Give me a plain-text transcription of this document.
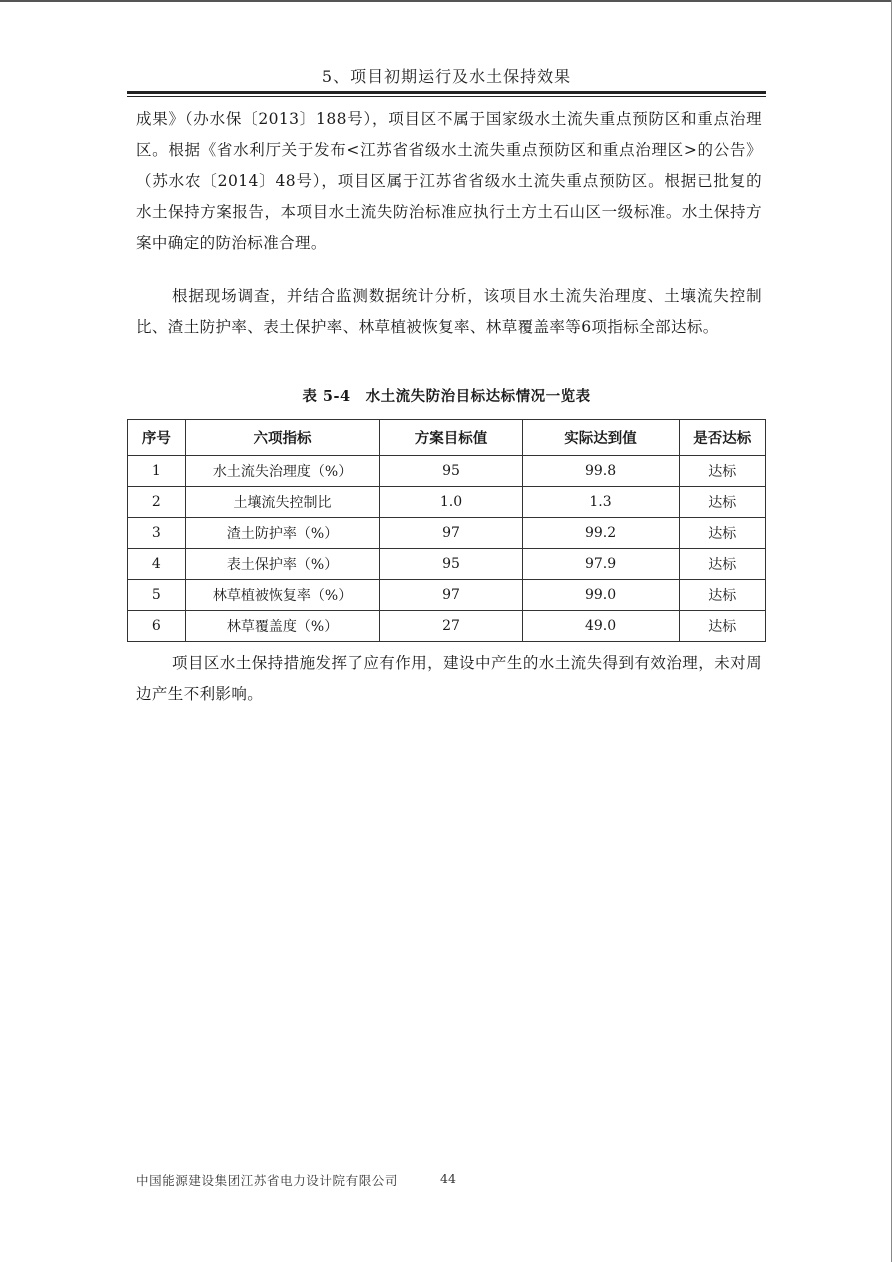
5、项目初期运行及水土保持效果
成果》（办水保〔2013〕188号），项目区不属于国家级水土流失重点预防区和重点治理区。根据《省水利厅关于发布<江苏省省级水土流失重点预防区和重点治理区>的公告》（苏水农〔2014〕48号），项目区属于江苏省省级水土流失重点预防区。根据已批复的水土保持方案报告，本项目水土流失防治标准应执行土方土石山区一级标准。水土保持方案中确定的防治标准合理。
根据现场调查，并结合监测数据统计分析，该项目水土流失治理度、土壤流失控制比、渣土防护率、表土保护率、林草植被恢复率、林草覆盖率等6项指标全部达标。
表 5-4　水土流失防治目标达标情况一览表
序号	六项指标	方案目标值	实际达到值	是否达标
1	水土流失治理度（%）	95	99.8	达标
2	土壤流失控制比	1.0	1.3	达标
3	渣土防护率（%）	97	99.2	达标
4	表土保护率（%）	95	97.9	达标
5	林草植被恢复率（%）	97	99.0	达标
6	林草覆盖度（%）	27	49.0	达标
项目区水土保持措施发挥了应有作用，建设中产生的水土流失得到有效治理，未对周边产生不利影响。
中国能源建设集团江苏省电力设计院有限公司	44
